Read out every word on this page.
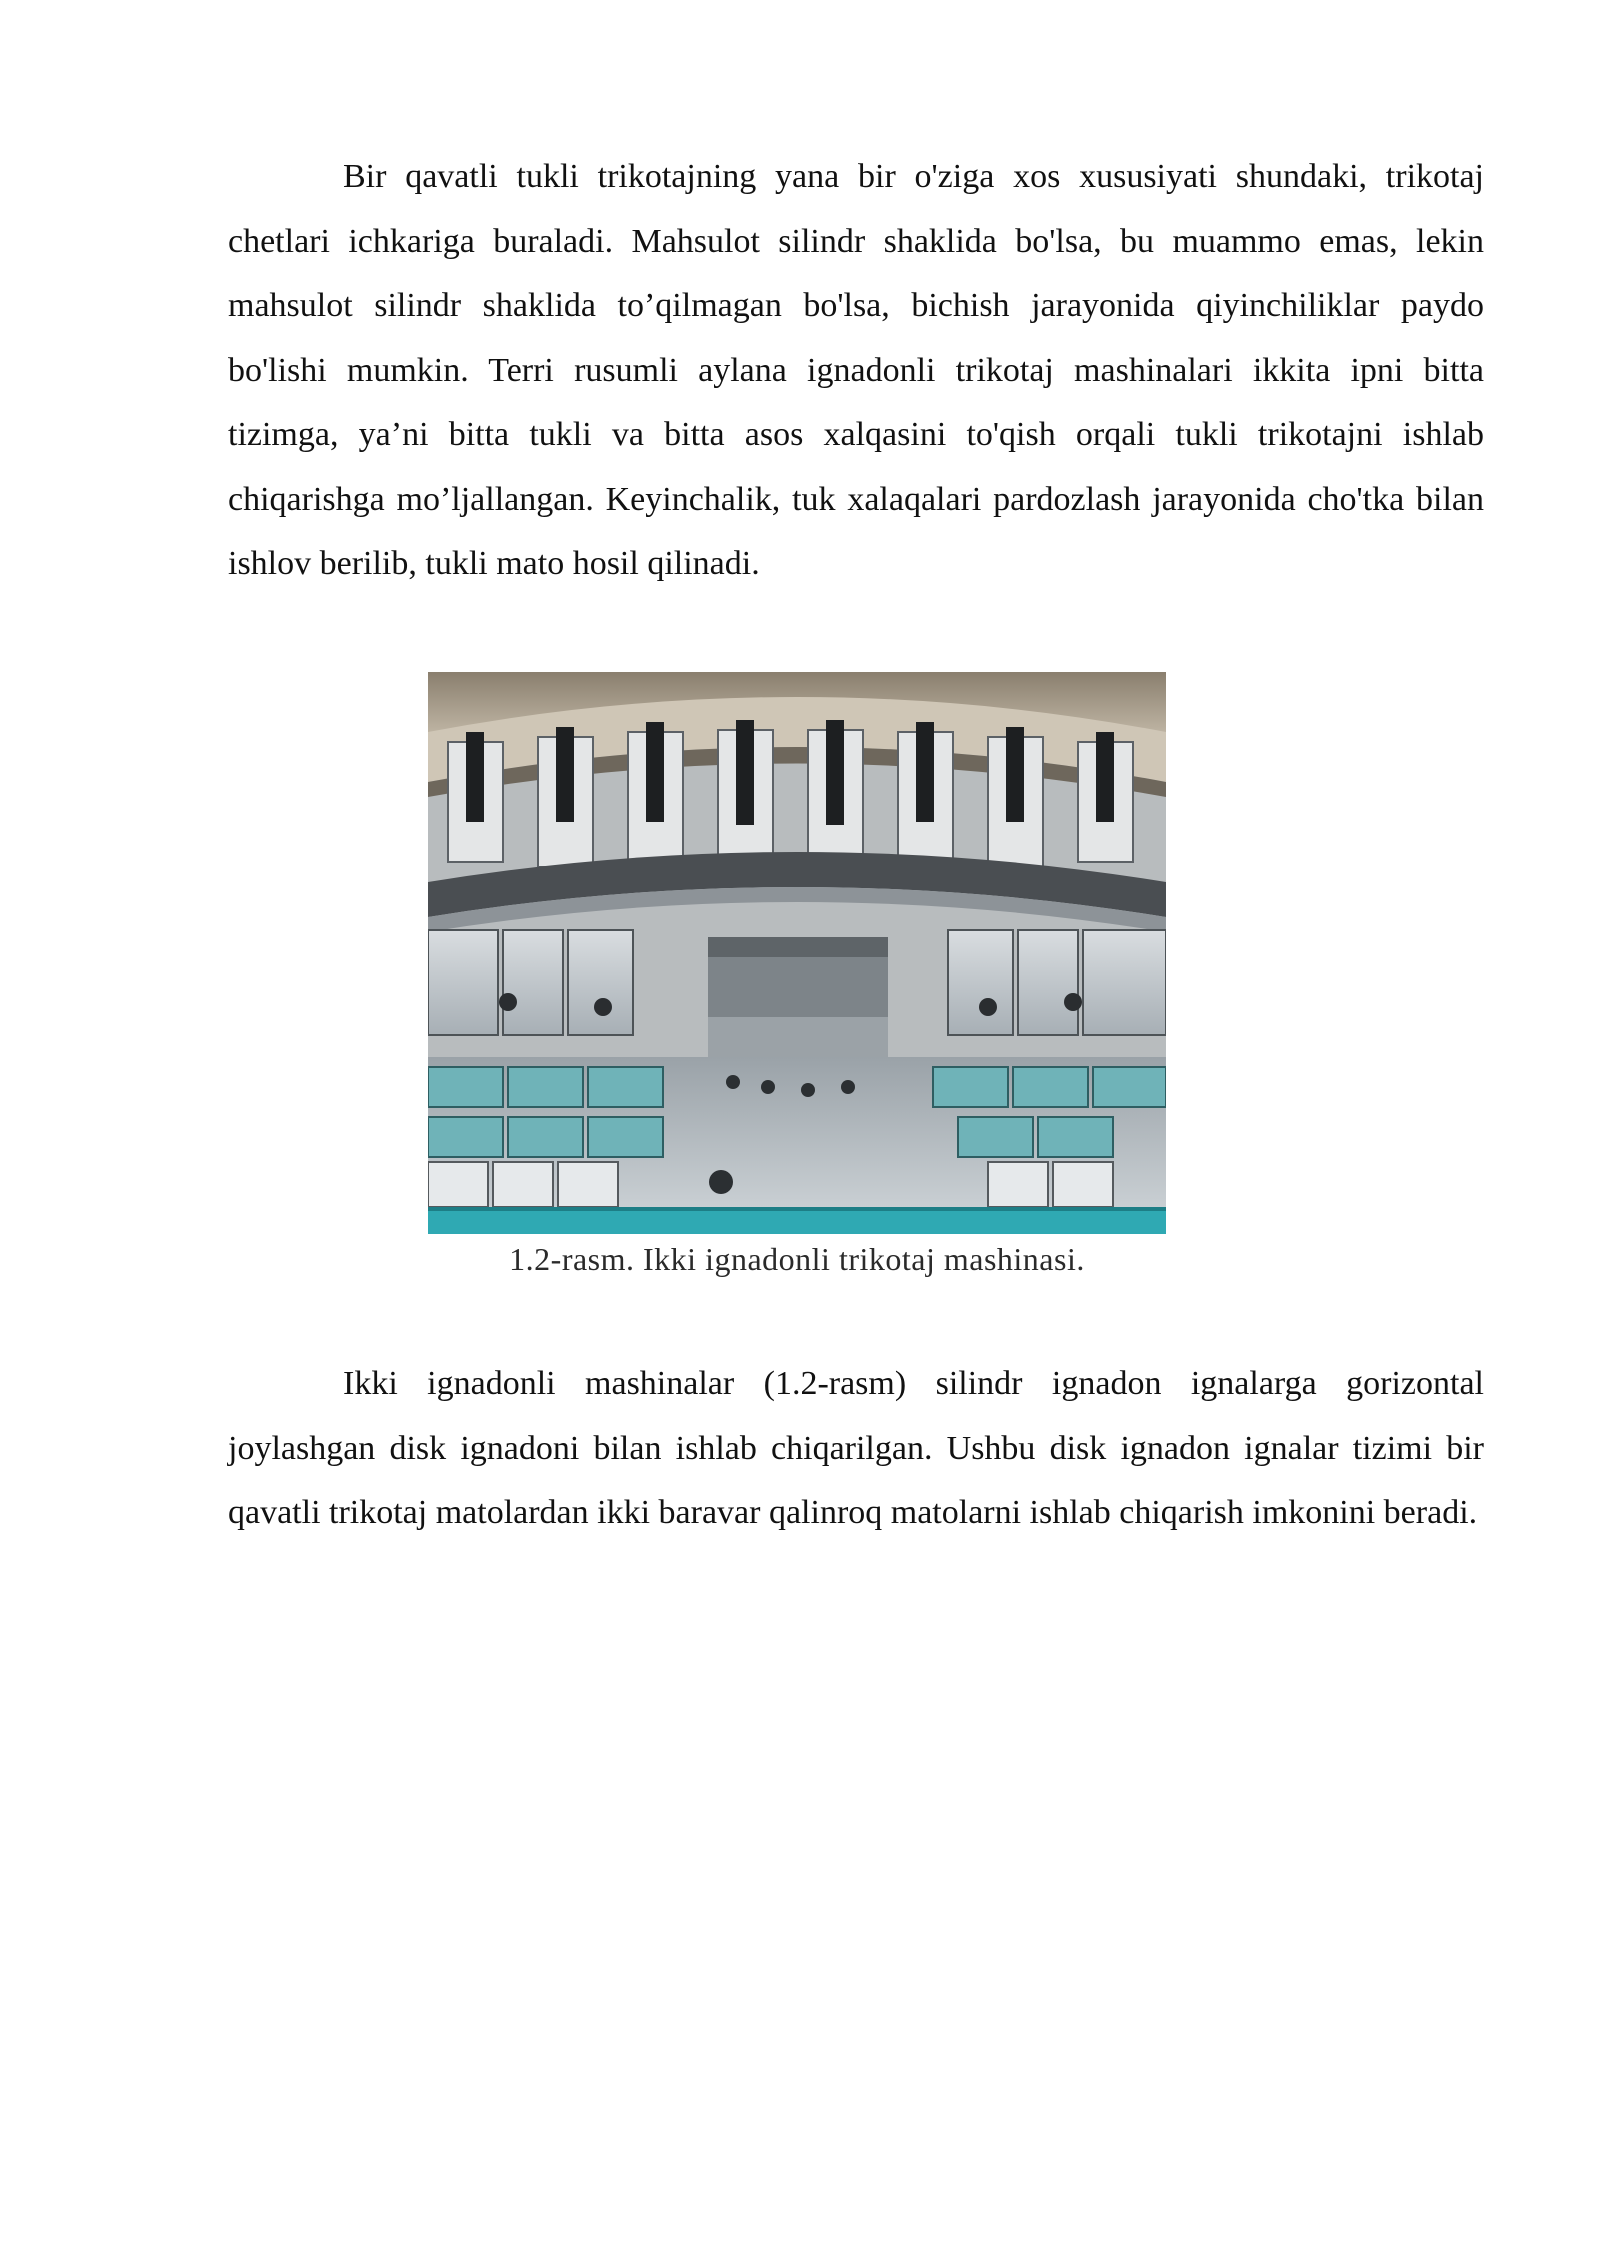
Bir qavatli tukli trikotajning yana bir o'ziga xos xususiyati shundaki, trikotaj chetlari ichkariga buraladi. Mahsulot silindr shaklida bo'lsa, bu muammo emas, lekin mahsulot silindr shaklida to’qilmagan bo'lsa, bichish jarayonida qiyinchiliklar paydo bo'lishi mumkin. Terri rusumli aylana ignadonli trikotaj mashinalari ikkita ipni bitta tizimga, ya’ni bitta tukli va bitta asos xalqasini to'qish orqali tukli trikotajni ishlab chiqarishga mo’ljallangan. Keyinchalik, tuk xalaqalari pardozlash jarayonida cho'tka bilan ishlov berilib, tukli mato hosil qilinadi.

1.2-rasm. Ikki ignadonli trikotaj mashinasi.

Ikki ignadonli mashinalar (1.2-rasm) silindr ignadon ignalarga gorizontal joylashgan disk ignadoni bilan ishlab chiqarilgan. Ushbu disk ignadon ignalar tizimi bir qavatli trikotaj matolardan ikki baravar qalinroq matolarni ishlab chiqarish imkonini beradi.
